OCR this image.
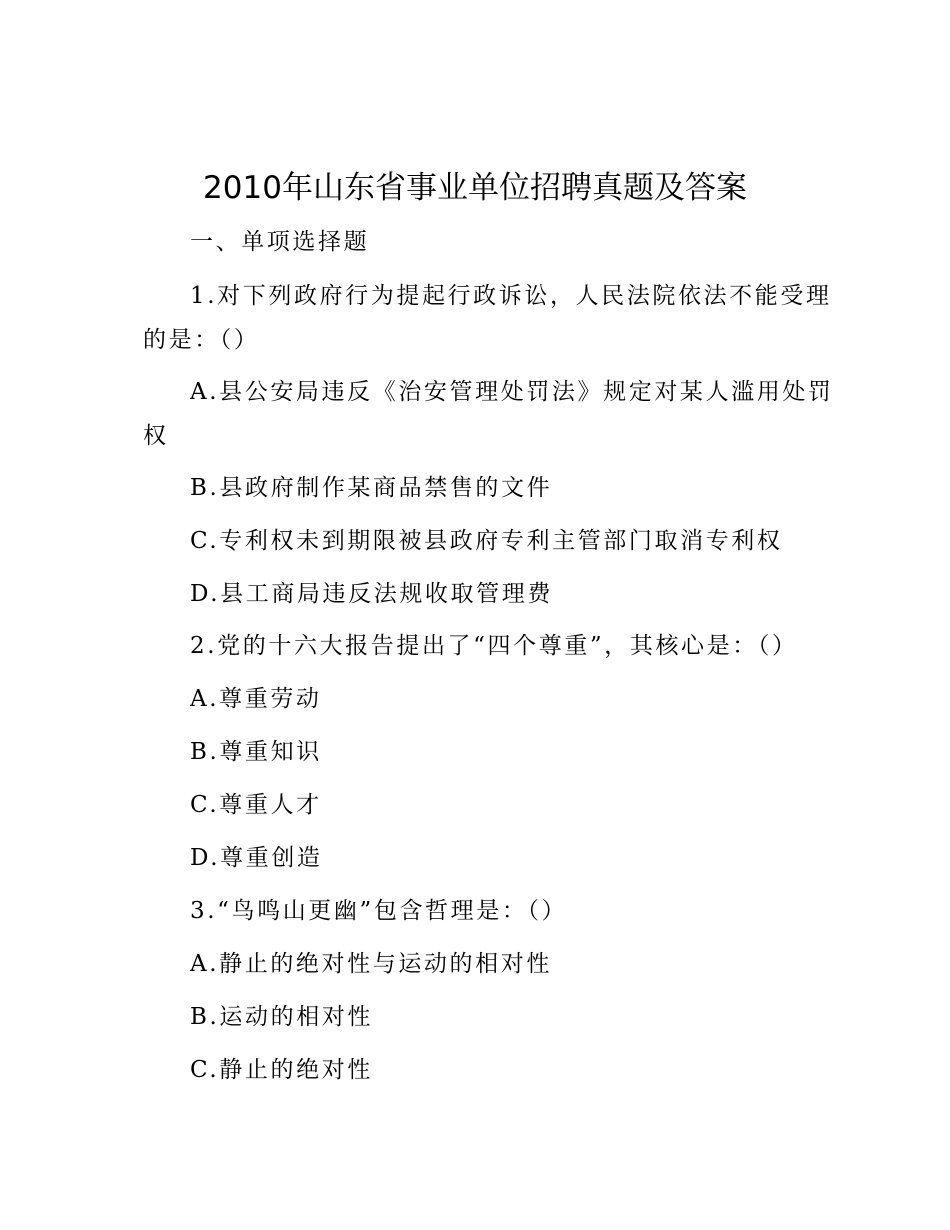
2010年山东省事业单位招聘真题及答案
一、单项选择题
1.对下列政府行为提起行政诉讼，人民法院依法不能受理
的是：（）
A.县公安局违反《治安管理处罚法》规定对某人滥用处罚
权
B.县政府制作某商品禁售的文件
C.专利权未到期限被县政府专利主管部门取消专利权
D.县工商局违反法规收取管理费
2.党的十六大报告提出了“四个尊重”，其核心是：（）
A.尊重劳动
B.尊重知识
C.尊重人才
D.尊重创造
3.“鸟鸣山更幽”包含哲理是：（）
A.静止的绝对性与运动的相对性
B.运动的相对性
C.静止的绝对性
